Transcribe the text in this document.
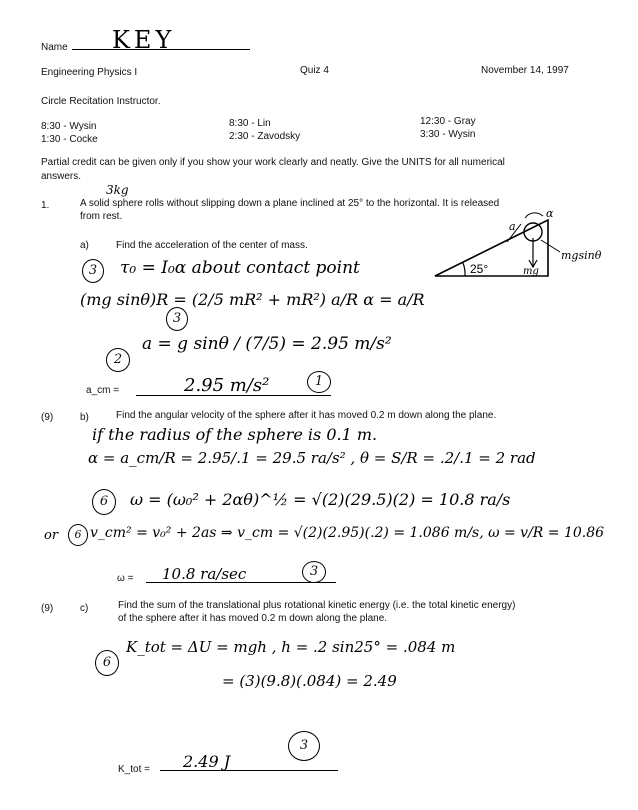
Name KEY
Engineering Physics I	Quiz 4	November 14, 1997
Circle Recitation Instructor.
8:30 - Wysin
1:30 - Cocke
8:30 - Lin
2:30 - Zavodsky
12:30 - Gray
3:30 - Wysin
Partial credit can be given only if you show your work clearly and neatly. Give the UNITS for all numerical
answers.
1.
3kg
A solid sphere rolls without slipping down a plane inclined at 25° to the horizontal. It is released
from rest.
25°	mg
mgsinθ
a
α
a)	Find the acceleration of the center of mass.
3	τ₀ = I₀α about contact point
(mg sinθ)R = (2/5 mR² + mR²) a/R α = a/R
3
2
a = g sinθ / (7/5) = 2.95 m/s²
a_cm =	2.95 m/s²	1
(9)	b)	Find the angular velocity of the sphere after it has moved 0.2 m down along the plane.
if the radius of the sphere is 0.1 m.
α = a_cm/R = 2.95/.1 = 29.5 ra/s² , θ = S/R = .2/.1 = 2 rad
6	ω = (ω₀² + 2αθ)^½ = √(2)(29.5)(2) = 10.8 ra/s
or	6 v_cm² = v₀² + 2as ⇒ v_cm = √(2)(2.95)(.2) = 1.086 m/s, ω = v/R = 10.86
ω = 10.8 ra/sec	3
(9)	c)	Find the sum of the translational plus rotational kinetic energy (i.e. the total kinetic energy)
of the sphere after it has moved 0.2 m down along the plane.
6
K_tot = ΔU = mgh , h = .2 sin25° = .084 m
= (3)(9.8)(.084) = 2.49
K_tot = 2.49 J
3
